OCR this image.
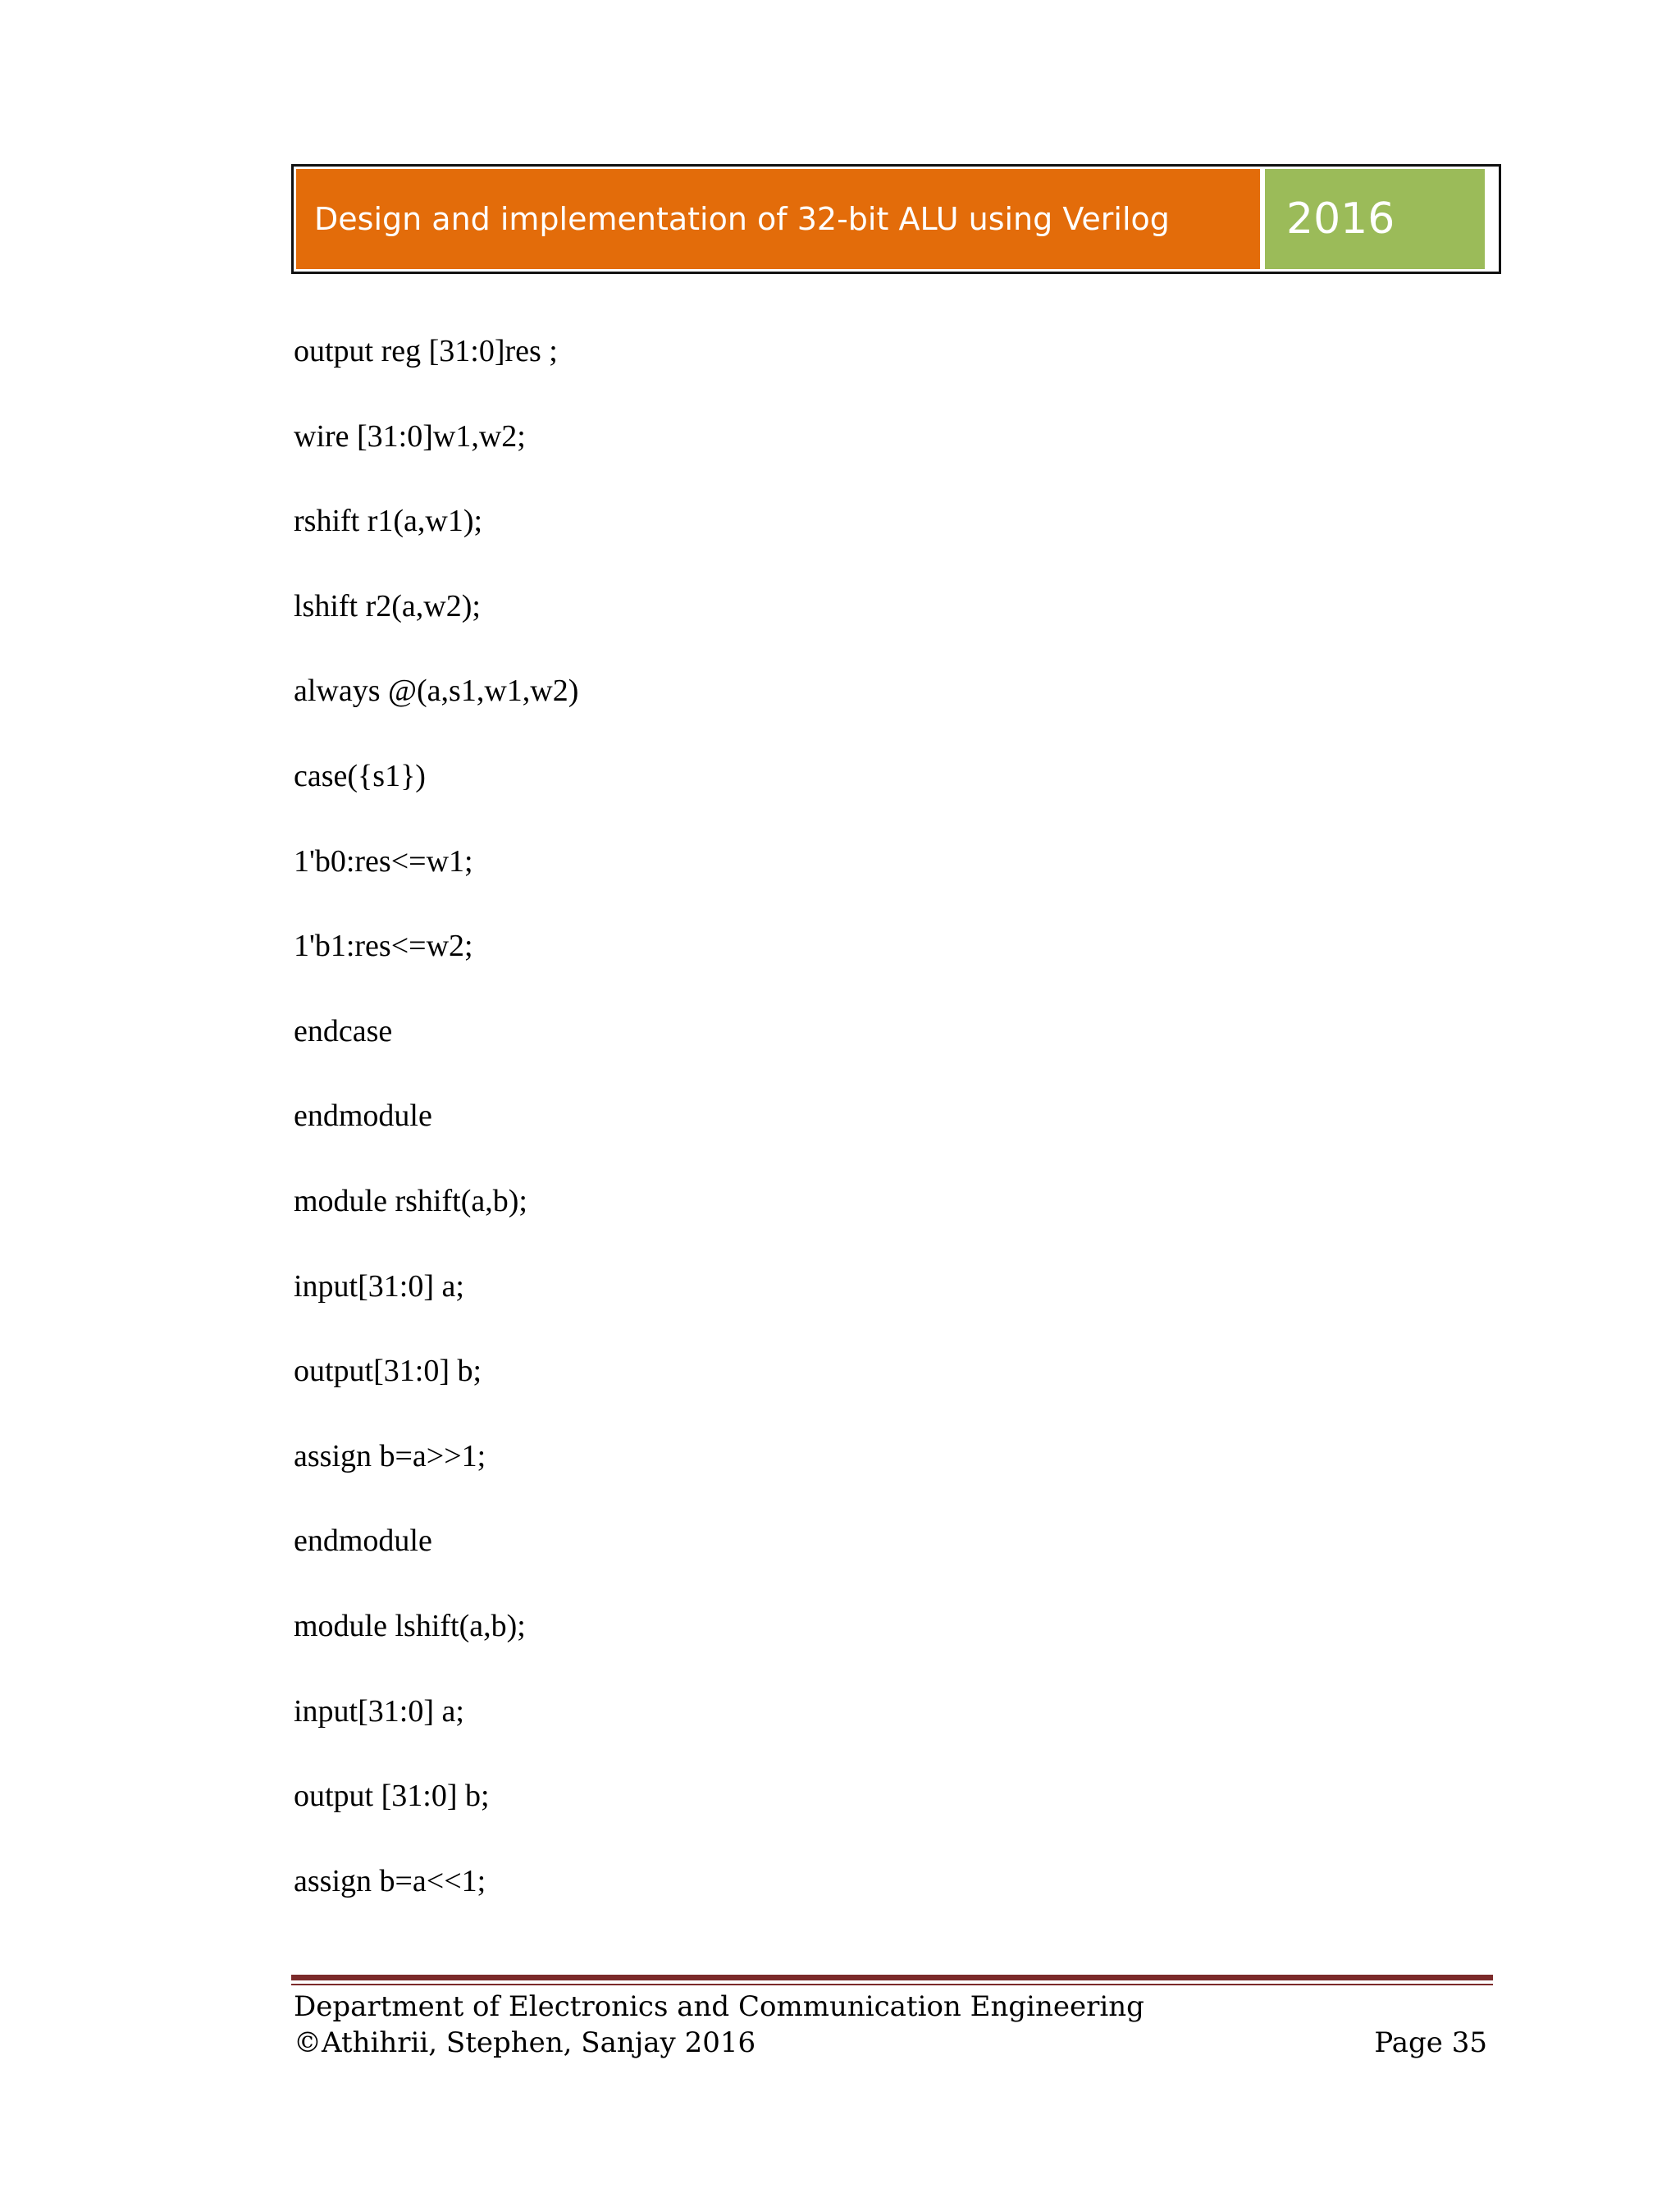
Design and implementation of 32-bit ALU using Verilog	2016
output reg [31:0]res ;
wire [31:0]w1,w2;
rshift r1(a,w1);
lshift r2(a,w2);
always @(a,s1,w1,w2)
case({s1})
1'b0:res<=w1;
1'b1:res<=w2;
endcase
endmodule
module rshift(a,b);
input[31:0] a;
output[31:0] b;
assign b=a>>1;
endmodule
module lshift(a,b);
input[31:0] a;
output [31:0] b;
assign b=a<<1;
Department of Electronics and Communication Engineering
©Athihrii, Stephen, Sanjay 2016	Page 35
